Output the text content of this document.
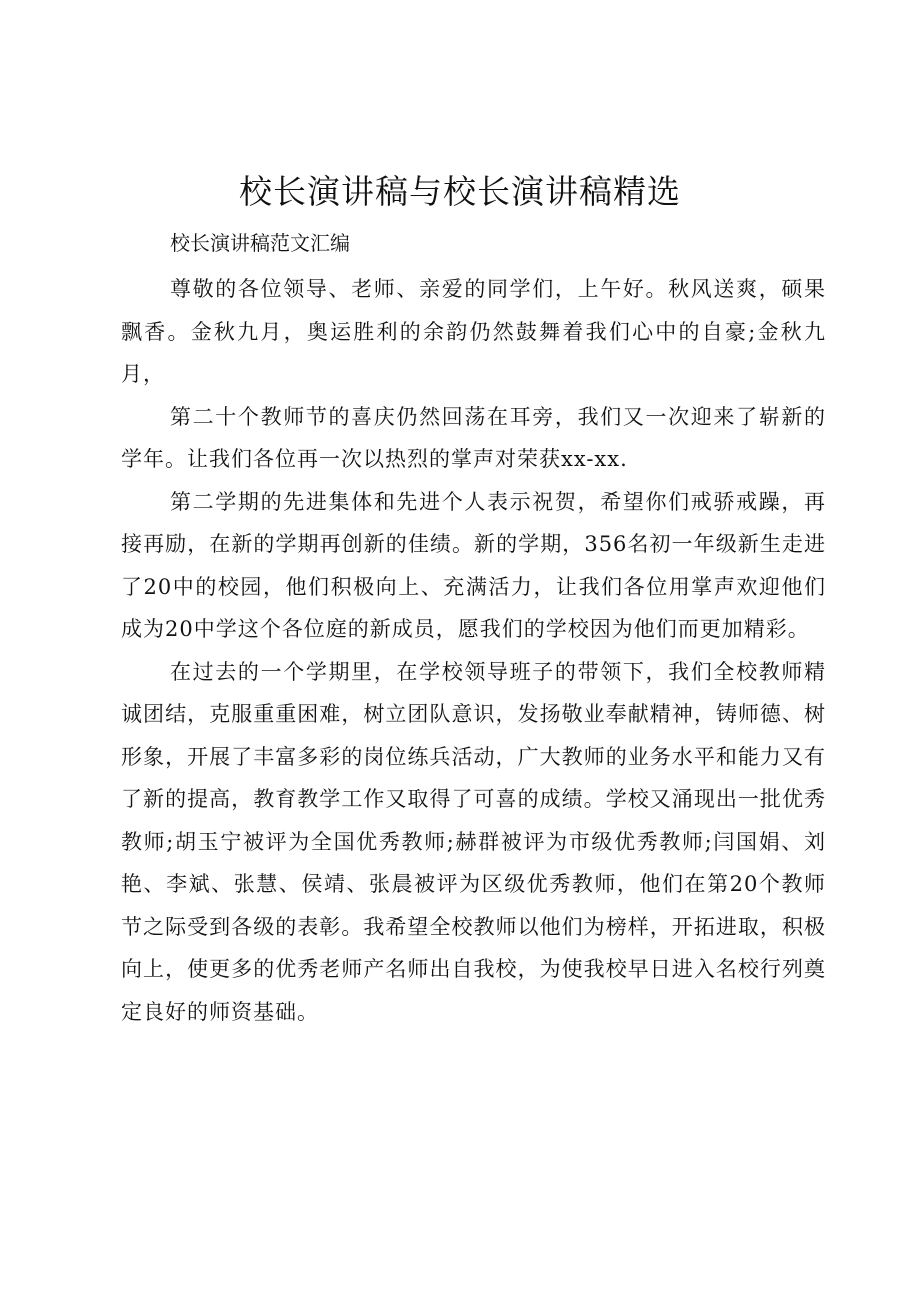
校长演讲稿与校长演讲稿精选

校长演讲稿范文汇编

尊敬的各位领导、老师、亲爱的同学们，上午好。秋风送爽，硕果飘香。金秋九月，奥运胜利的余韵仍然鼓舞着我们心中的自豪;金秋九月，

第二十个教师节的喜庆仍然回荡在耳旁，我们又一次迎来了崭新的学年。让我们各位再一次以热烈的掌声对荣获xx-xx.

第二学期的先进集体和先进个人表示祝贺，希望你们戒骄戒躁，再接再励，在新的学期再创新的佳绩。新的学期，356名初一年级新生走进了20中的校园，他们积极向上、充满活力，让我们各位用掌声欢迎他们成为20中学这个各位庭的新成员，愿我们的学校因为他们而更加精彩。

在过去的一个学期里，在学校领导班子的带领下，我们全校教师精诚团结，克服重重困难，树立团队意识，发扬敬业奉献精神，铸师德、树形象，开展了丰富多彩的岗位练兵活动，广大教师的业务水平和能力又有了新的提高，教育教学工作又取得了可喜的成绩。学校又涌现出一批优秀教师;胡玉宁被评为全国优秀教师;赫群被评为市级优秀教师;闫国娟、刘艳、李斌、张慧、侯靖、张晨被评为区级优秀教师，他们在第20个教师节之际受到各级的表彰。我希望全校教师以他们为榜样，开拓进取，积极向上，使更多的优秀老师产名师出自我校，为使我校早日进入名校行列奠定良好的师资基础。
